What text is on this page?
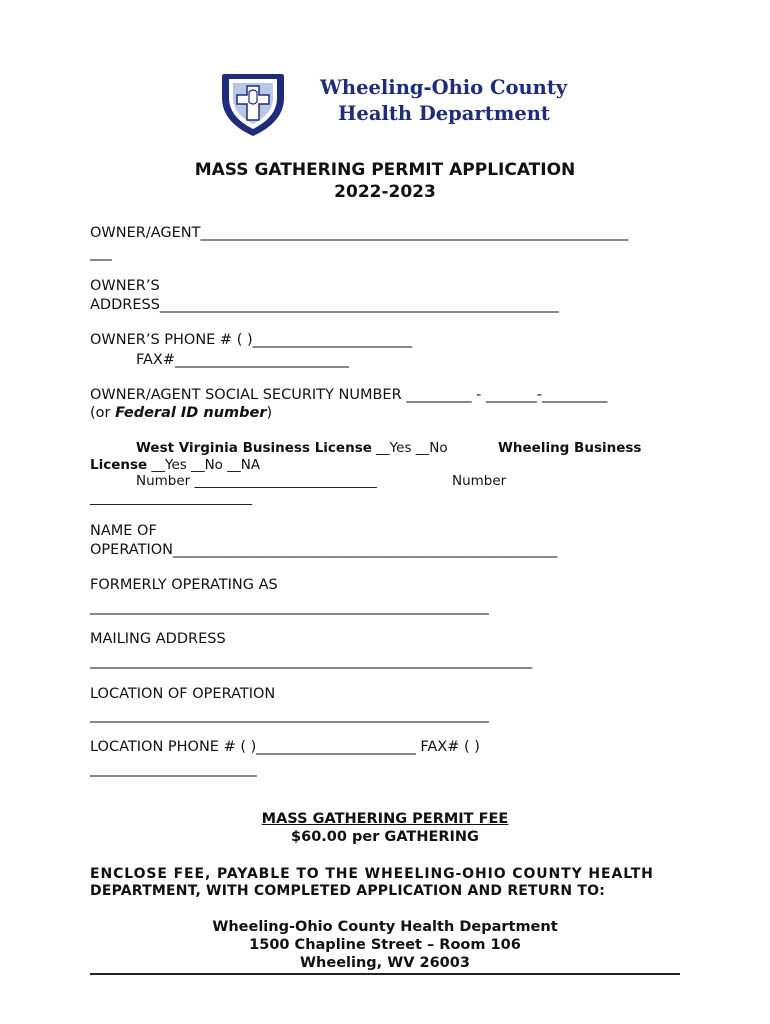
Wheeling-Ohio County
Health Department
MASS GATHERING PERMIT APPLICATION
2022-2023
OWNER/AGENT___________________________________________________________
___
OWNER’S
ADDRESS_______________________________________________________
OWNER’S PHONE # ( )______________________
FAX#________________________
OWNER/AGENT SOCIAL SECURITY NUMBER _________ - _______-_________
(or Federal ID number)
West Virginia Business License __Yes __No	Wheeling Business
License __Yes __No __NA
Number ___________________________	Number
________________________
NAME OF
OPERATION_____________________________________________________
FORMERLY OPERATING AS
_______________________________________________________
MAILING ADDRESS
_____________________________________________________________
LOCATION OF OPERATION
_______________________________________________________
LOCATION PHONE # ( )______________________ FAX# ( )
_______________________
MASS GATHERING PERMIT FEE
$60.00 per GATHERING
ENCLOSE FEE, PAYABLE TO THE WHEELING-OHIO COUNTY HEALTH
DEPARTMENT, WITH COMPLETED APPLICATION AND RETURN TO:
Wheeling-Ohio County Health Department
1500 Chapline Street – Room 106
Wheeling, WV 26003
